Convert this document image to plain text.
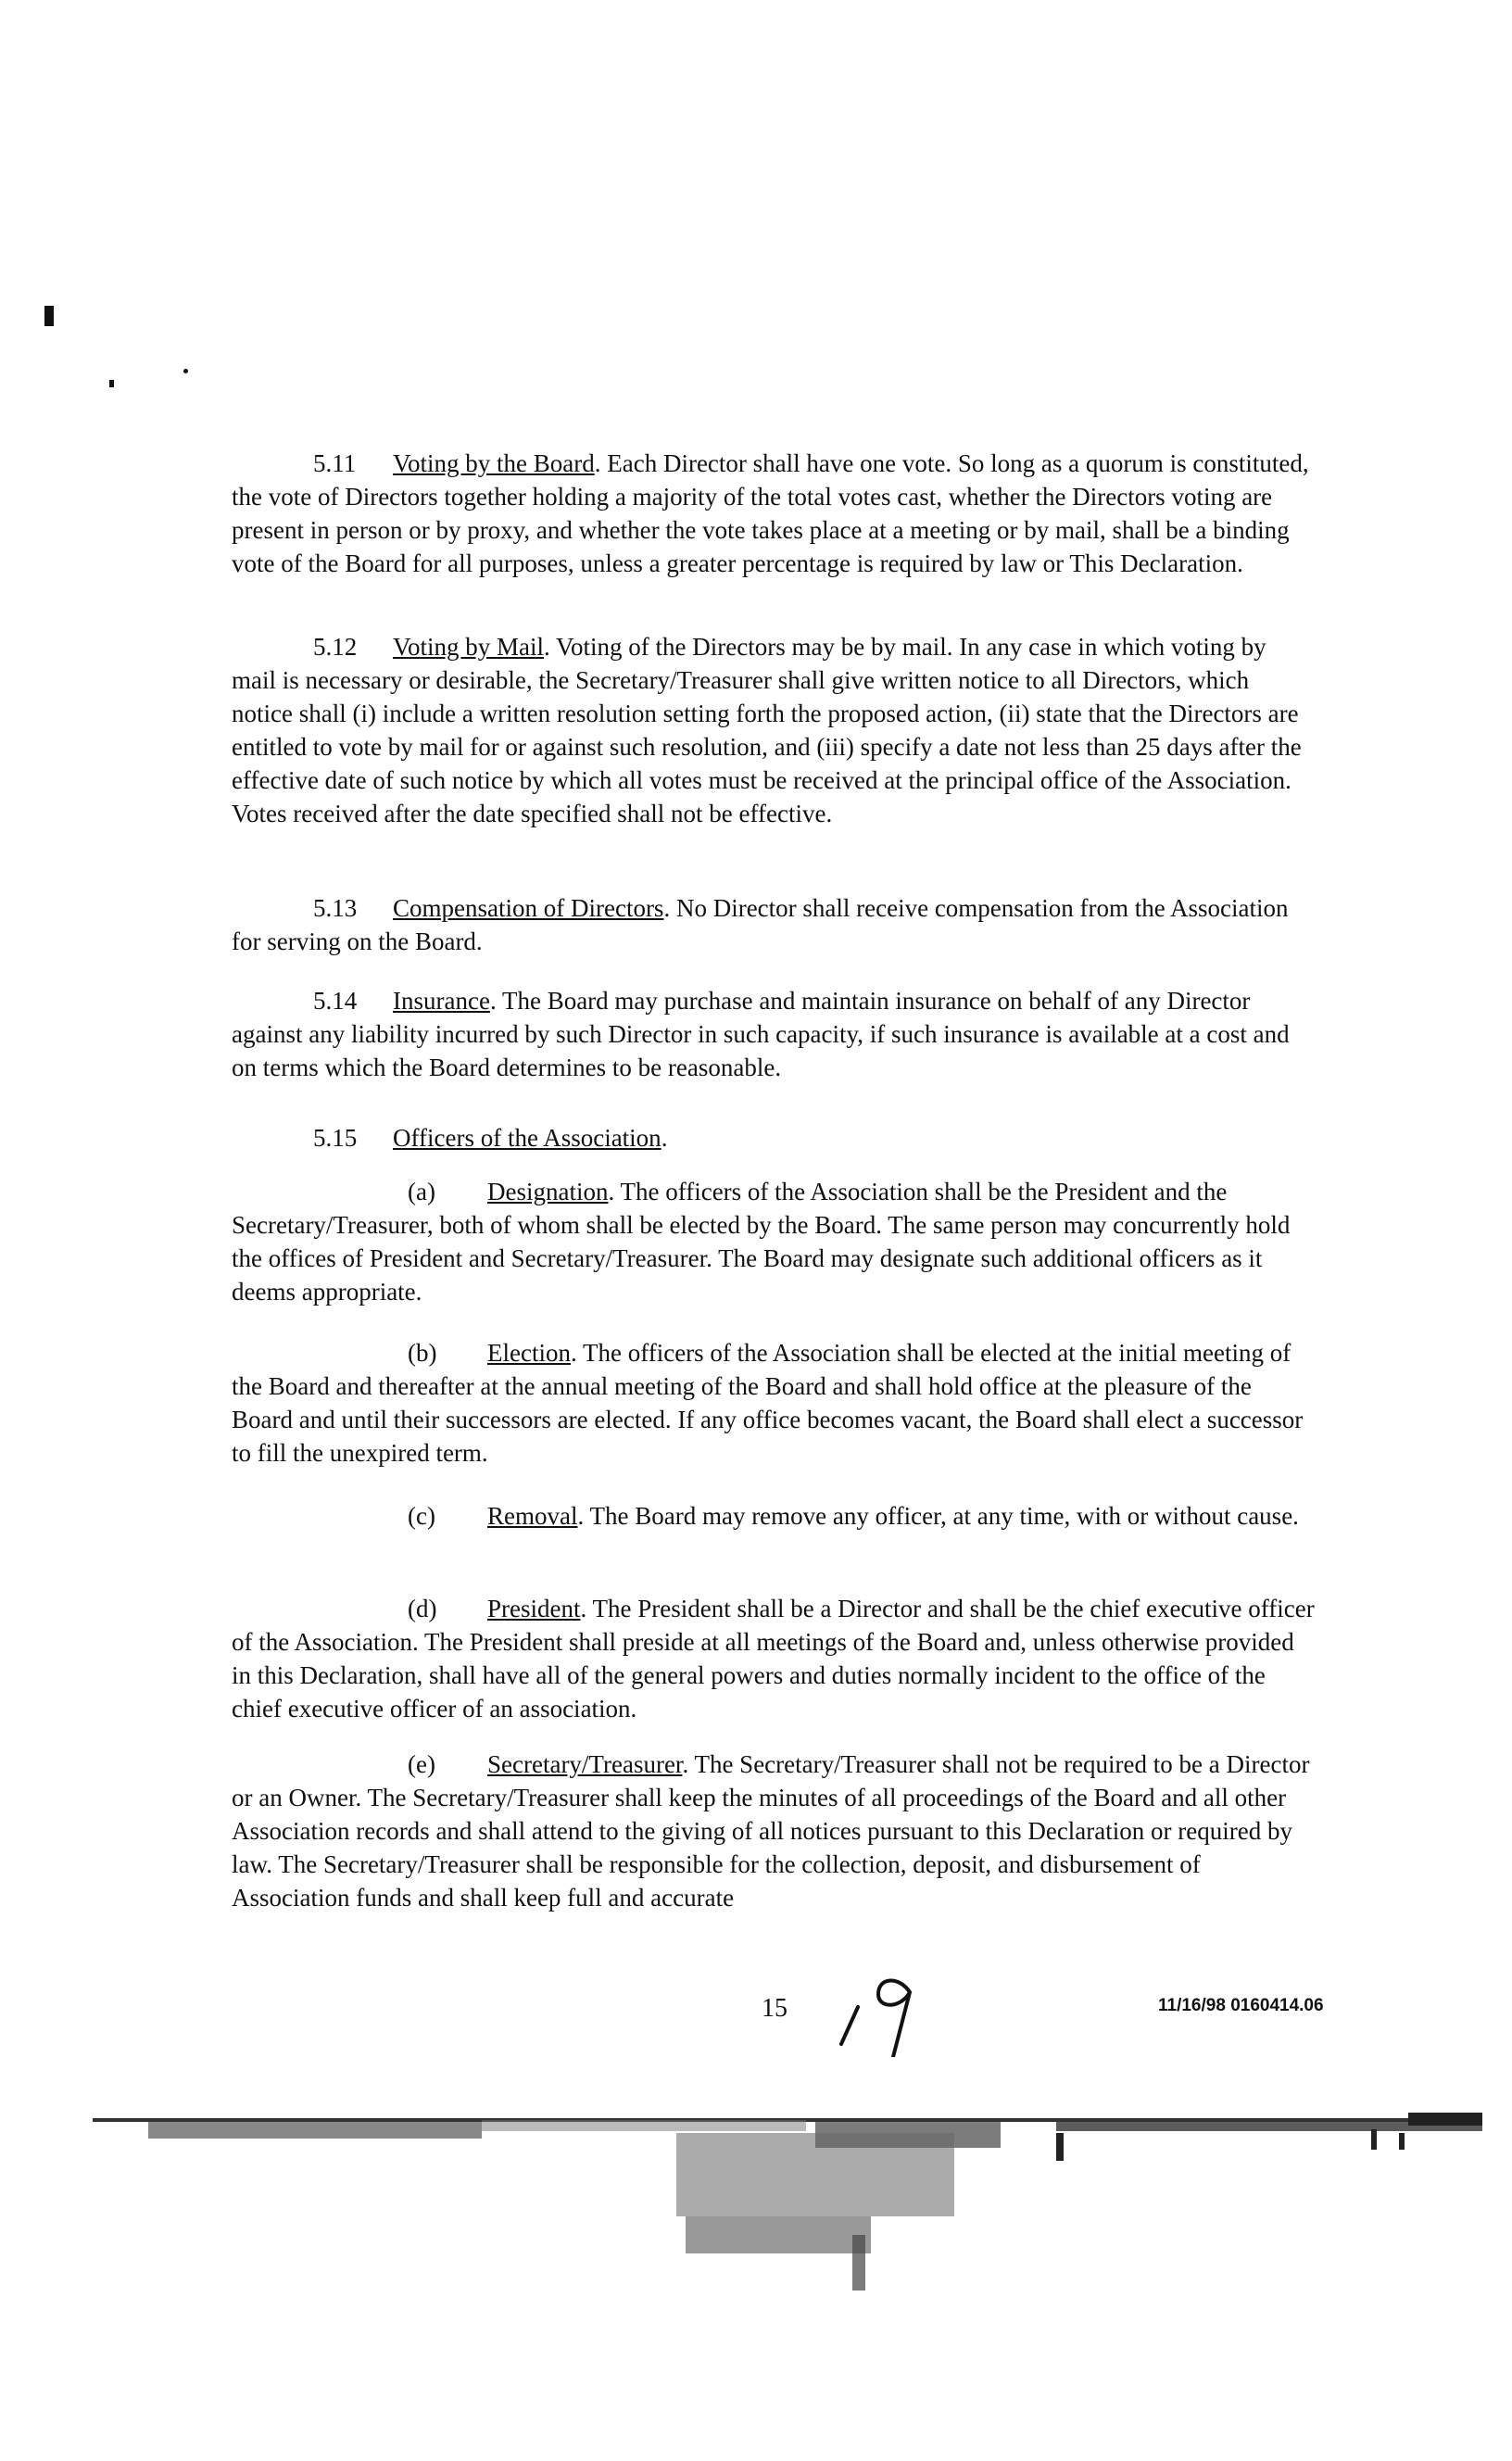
5.11 Voting by the Board. Each Director shall have one vote. So long as a quorum is constituted, the vote of Directors together holding a majority of the total votes cast, whether the Directors voting are present in person or by proxy, and whether the vote takes place at a meeting or by mail, shall be a binding vote of the Board for all purposes, unless a greater percentage is required by law or This Declaration.
5.12 Voting by Mail. Voting of the Directors may be by mail. In any case in which voting by mail is necessary or desirable, the Secretary/Treasurer shall give written notice to all Directors, which notice shall (i) include a written resolution setting forth the proposed action, (ii) state that the Directors are entitled to vote by mail for or against such resolution, and (iii) specify a date not less than 25 days after the effective date of such notice by which all votes must be received at the principal office of the Association. Votes received after the date specified shall not be effective.
5.13 Compensation of Directors. No Director shall receive compensation from the Association for serving on the Board.
5.14 Insurance. The Board may purchase and maintain insurance on behalf of any Director against any liability incurred by such Director in such capacity, if such insurance is available at a cost and on terms which the Board determines to be reasonable.
5.15 Officers of the Association.
(a) Designation. The officers of the Association shall be the President and the Secretary/Treasurer, both of whom shall be elected by the Board. The same person may concurrently hold the offices of President and Secretary/Treasurer. The Board may designate such additional officers as it deems appropriate.
(b) Election. The officers of the Association shall be elected at the initial meeting of the Board and thereafter at the annual meeting of the Board and shall hold office at the pleasure of the Board and until their successors are elected. If any office becomes vacant, the Board shall elect a successor to fill the unexpired term.
(c) Removal. The Board may remove any officer, at any time, with or without cause.
(d) President. The President shall be a Director and shall be the chief executive officer of the Association. The President shall preside at all meetings of the Board and, unless otherwise provided in this Declaration, shall have all of the general powers and duties normally incident to the office of the chief executive officer of an association.
(e) Secretary/Treasurer. The Secretary/Treasurer shall not be required to be a Director or an Owner. The Secretary/Treasurer shall keep the minutes of all proceedings of the Board and all other Association records and shall attend to the giving of all notices pursuant to this Declaration or required by law. The Secretary/Treasurer shall be responsible for the collection, deposit, and disbursement of Association funds and shall keep full and accurate
15	11/16/98 0160414.06
